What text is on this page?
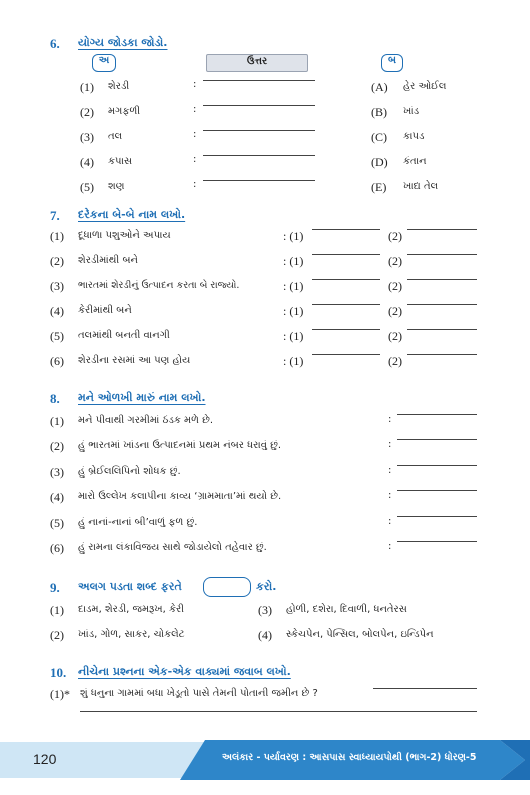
6. યોગ્ય જોડકા જોડો.
અ	ઉત્તર	બ
(1) શેરડી	:	(A) હેર ઓઈલ
(2) મગફળી	:	(B) ખાંડ
(3) તલ	:	(C) કાપડ
(4) કપાસ	:	(D) કંતાન
(5) શણ	:	(E) ખાદ્ય તેલ
7. દરેકના બે-બે નામ લખો.
(1) દૂધાળા પશુઓને અપાય	: (1)	(2)
(2) શેરડીમાંથી બને	: (1)	(2)
(3) ભારતમાં શેરડીનું ઉત્પાદન કરતા બે રાજ્યો.	: (1)	(2)
(4) કેરીમાંથી બને	: (1)	(2)
(5) તલમાંથી બનતી વાનગી	: (1)	(2)
(6) શેરડીના રસમાં આ પણ હોય	: (1)	(2)
8. મને ઓળખી મારું નામ લખો.
(1) મને પીવાથી ગરમીમાં ઠંડક મળે છે.	:
(2) હું ભારતમાં ખાંડના ઉત્પાદનમાં પ્રથમ નંબર ધરાવું છું.	:
(3) હું બ્રેઈલલિપિનો શોધક છું.	:
(4) મારો ઉલ્લેખ કલાપીના કાવ્ય ‘ગ્રામમાતા’માં થયો છે.	:
(5) હું નાનાં-નાનાં બી’વાળું ફળ છું.	:
(6) હું રામના લંકાવિજય સાથે જોડાયેલો તહેવાર છું.	:
9. અલગ પડતા શબ્દ ફરતે	કરો.
(1) દાડમ, શેરડી, જમરૂખ, કેરી	(3) હોળી, દશેરા, દિવાળી, ધનતેરસ
(2) ખાંડ, ગોળ, સાકર, ચોકલેટ	(4) સ્કેચપેન, પેન્સિલ, બોલપેન, ઇન્ડિપેન
10. નીચેના પ્રશ્નના એક-એક વાક્યમાં જવાબ લખો.
(1)* શું ધનુના ગામમાં બધા ખેડૂતો પાસે તેમની પોતાની જમીન છે ?
120	અલંકાર - પર્યાવરણ : આસપાસ સ્વાધ્યાયપોથી (ભાગ-2) ધોરણ-5
